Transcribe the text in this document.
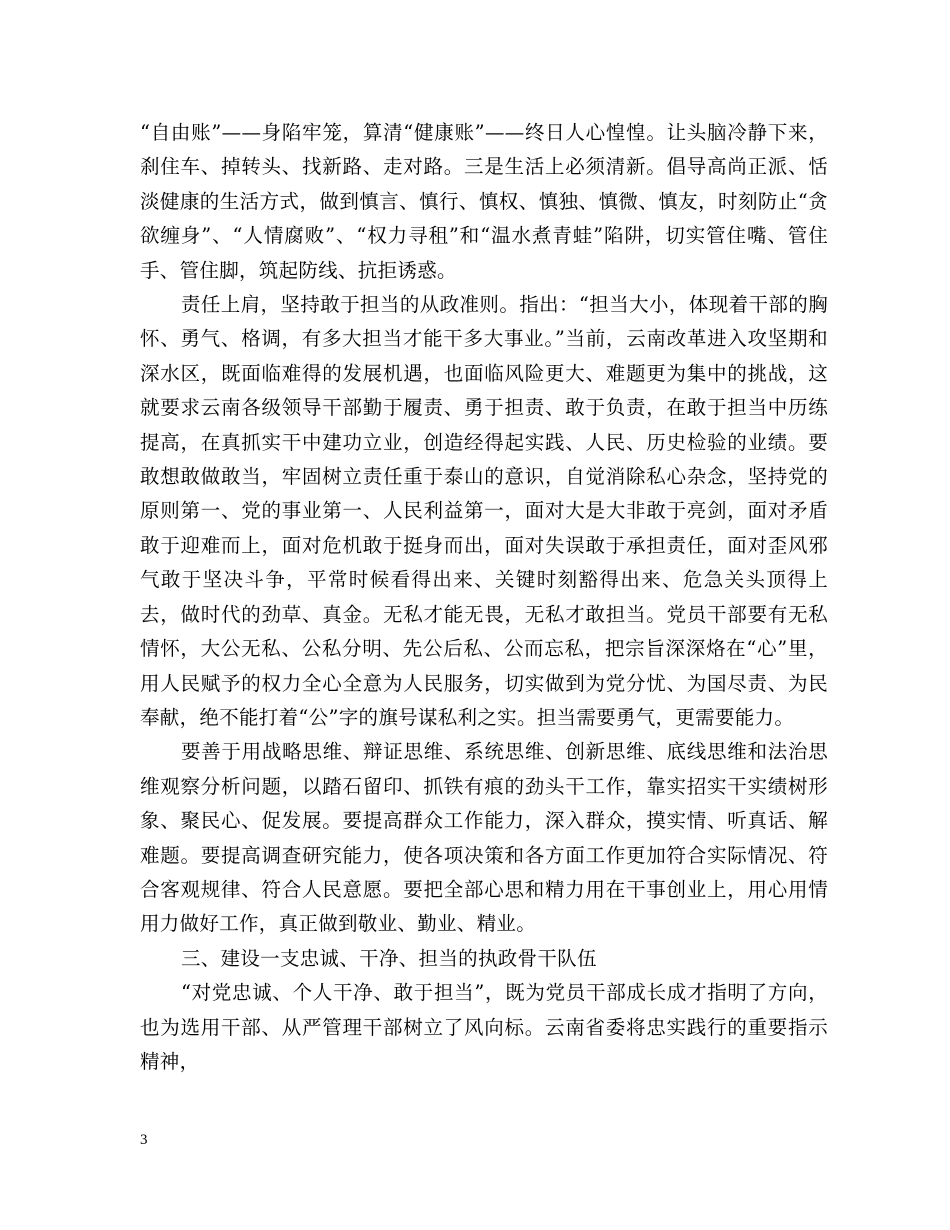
“自由账”——身陷牢笼，算清“健康账”——终日人心惶惶。让头脑冷静下来，刹住车、掉转头、找新路、走对路。三是生活上必须清新。倡导高尚正派、恬淡健康的生活方式，做到慎言、慎行、慎权、慎独、慎微、慎友，时刻防止“贪欲缠身”、“人情腐败”、“权力寻租”和“温水煮青蛙”陷阱，切实管住嘴、管住手、管住脚，筑起防线、抗拒诱惑。

责任上肩，坚持敢于担当的从政准则。指出：“担当大小，体现着干部的胸怀、勇气、格调，有多大担当才能干多大事业。”当前，云南改革进入攻坚期和深水区，既面临难得的发展机遇，也面临风险更大、难题更为集中的挑战，这就要求云南各级领导干部勤于履责、勇于担责、敢于负责，在敢于担当中历练提高，在真抓实干中建功立业，创造经得起实践、人民、历史检验的业绩。要敢想敢做敢当，牢固树立责任重于泰山的意识，自觉消除私心杂念，坚持党的原则第一、党的事业第一、人民利益第一，面对大是大非敢于亮剑，面对矛盾敢于迎难而上，面对危机敢于挺身而出，面对失误敢于承担责任，面对歪风邪气敢于坚决斗争，平常时候看得出来、关键时刻豁得出来、危急关头顶得上去，做时代的劲草、真金。无私才能无畏，无私才敢担当。党员干部要有无私情怀，大公无私、公私分明、先公后私、公而忘私，把宗旨深深烙在“心”里，用人民赋予的权力全心全意为人民服务，切实做到为党分忧、为国尽责、为民奉献，绝不能打着“公”字的旗号谋私利之实。担当需要勇气，更需要能力。

要善于用战略思维、辩证思维、系统思维、创新思维、底线思维和法治思维观察分析问题，以踏石留印、抓铁有痕的劲头干工作，靠实招实干实绩树形象、聚民心、促发展。要提高群众工作能力，深入群众，摸实情、听真话、解难题。要提高调查研究能力，使各项决策和各方面工作更加符合实际情况、符合客观规律、符合人民意愿。要把全部心思和精力用在干事创业上，用心用情用力做好工作，真正做到敬业、勤业、精业。

三、建设一支忠诚、干净、担当的执政骨干队伍

“对党忠诚、个人干净、敢于担当”，既为党员干部成长成才指明了方向，也为选用干部、从严管理干部树立了风向标。云南省委将忠实践行的重要指示精神，

3
